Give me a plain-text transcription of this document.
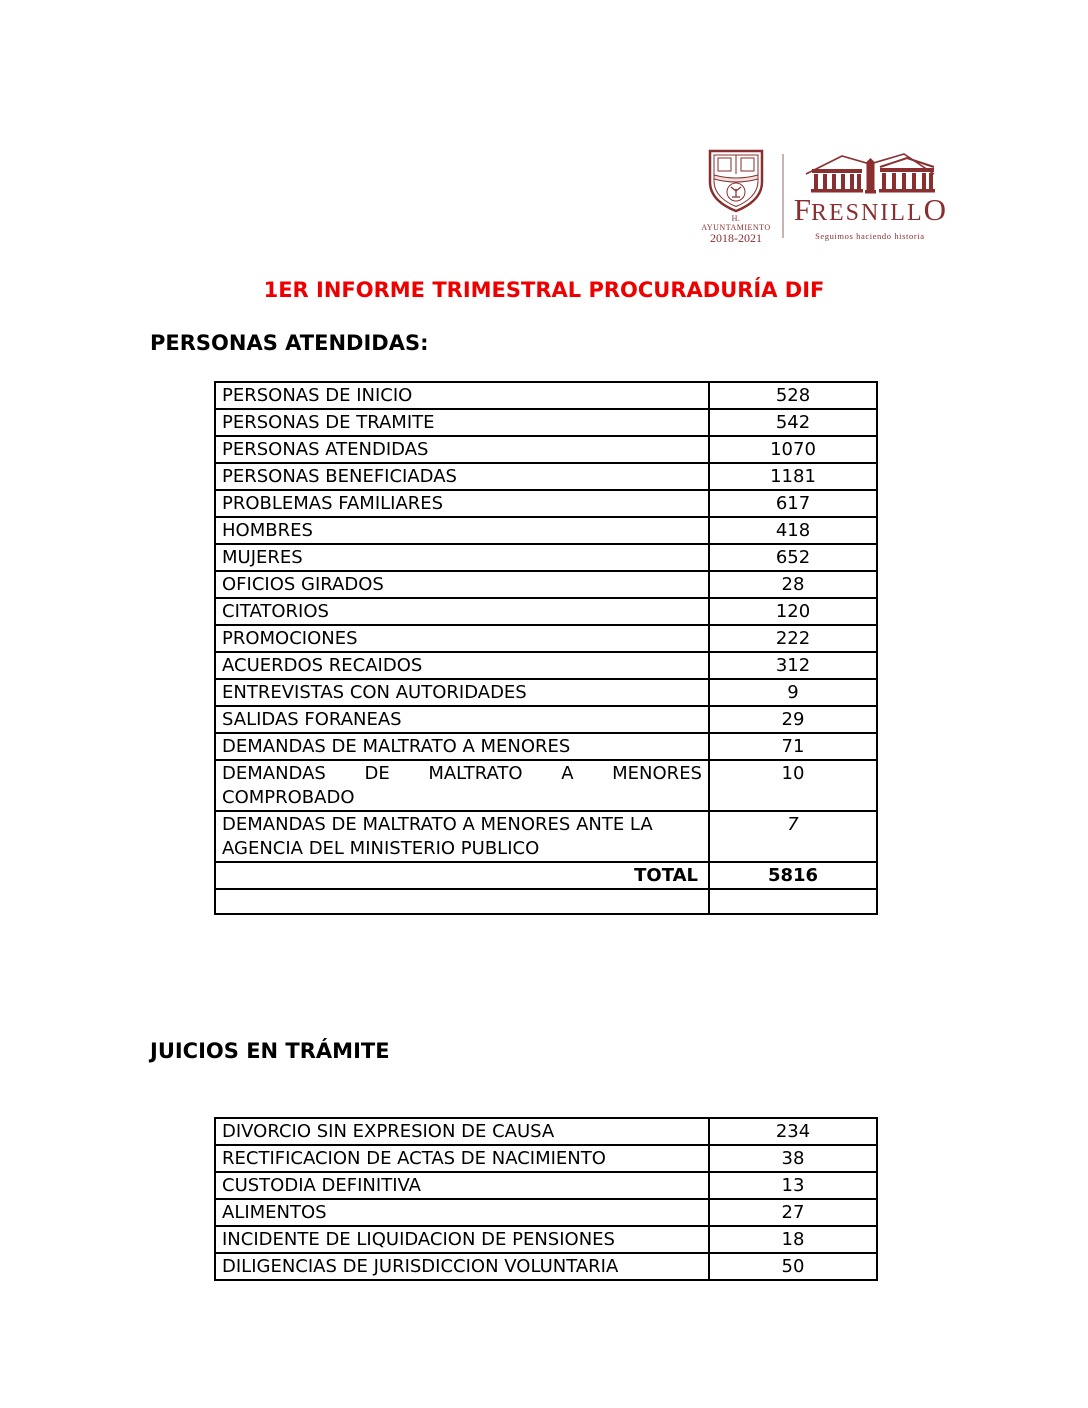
H. AYUNTAMIENTO
2018-2021
FRESNILLO
Seguimos haciendo historia
1ER INFORME TRIMESTRAL PROCURADURÍA DIF
PERSONAS ATENDIDAS:
PERSONAS DE INICIO	528
PERSONAS DE TRAMITE	542
PERSONAS ATENDIDAS	1070
PERSONAS BENEFICIADAS	1181
PROBLEMAS FAMILIARES	617
HOMBRES	418
MUJERES	652
OFICIOS GIRADOS	28
CITATORIOS	120
PROMOCIONES	222
ACUERDOS RECAIDOS	312
ENTREVISTAS CON AUTORIDADES	9
SALIDAS FORANEAS	29
DEMANDAS DE MALTRATO A MENORES	71
DEMANDAS DE MALTRATO A MENORES COMPROBADO	10
DEMANDAS DE MALTRATO A MENORES ANTE LA AGENCIA DEL MINISTERIO PUBLICO	7
TOTAL	5816

JUICIOS EN TRÁMITE
DIVORCIO SIN EXPRESION DE CAUSA	234
RECTIFICACION DE ACTAS DE NACIMIENTO	38
CUSTODIA DEFINITIVA	13
ALIMENTOS	27
INCIDENTE DE LIQUIDACION DE PENSIONES	18
DILIGENCIAS DE JURISDICCION VOLUNTARIA	50
